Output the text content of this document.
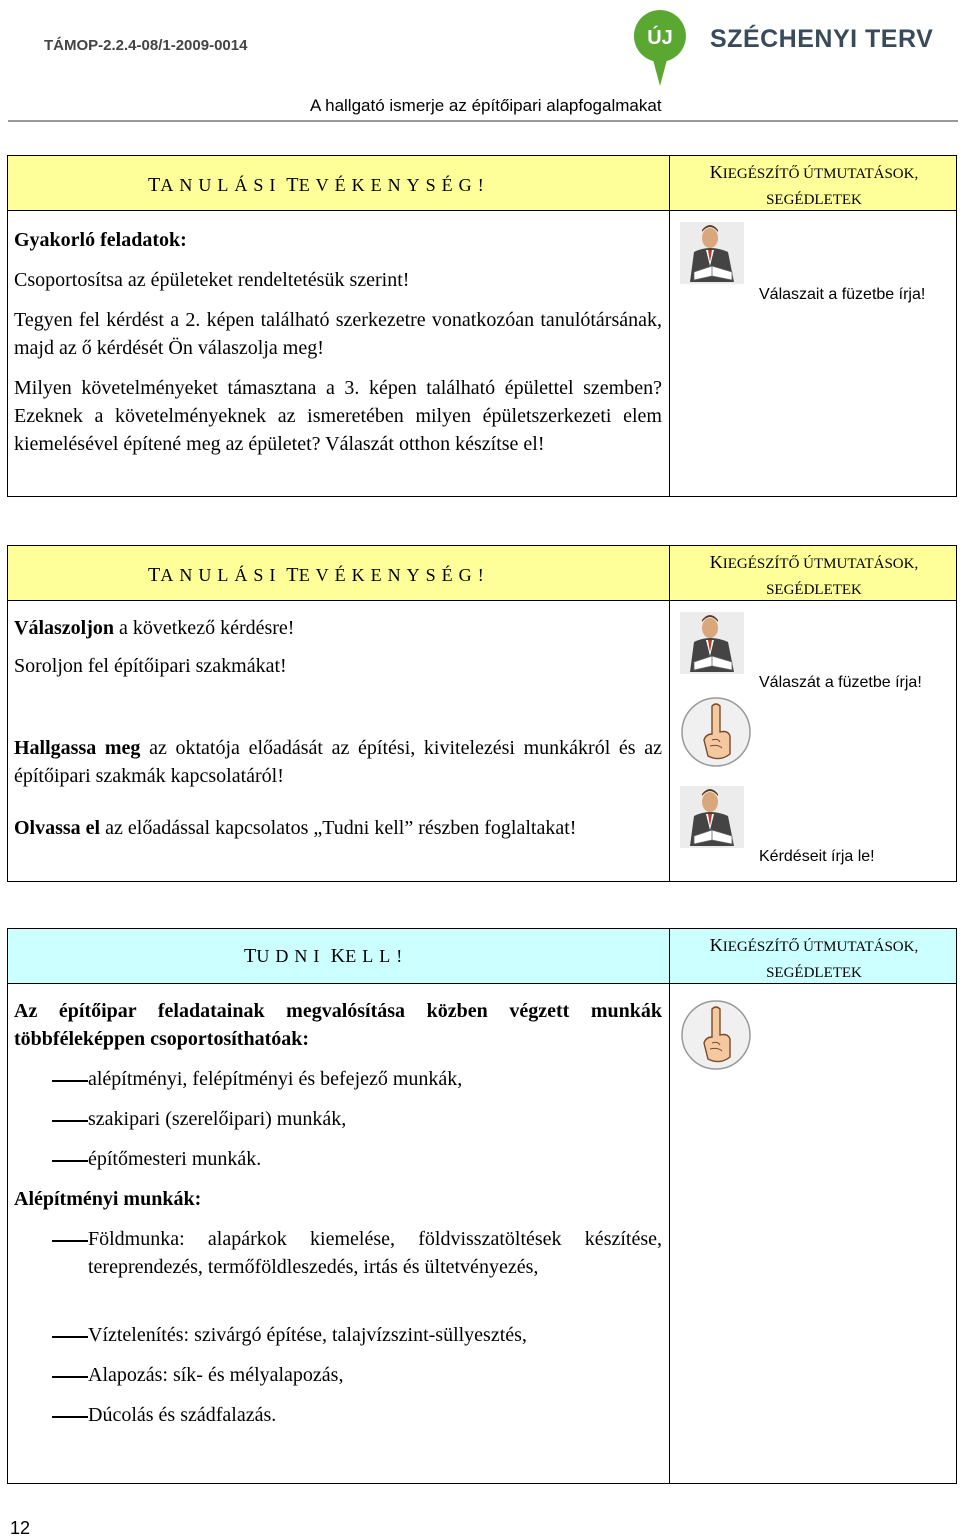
TÁMOP-2.2.4-08/1-2009-0014	ÚJ SZÉCHENYI TERV
A hallgató ismerje az építőipari alapfogalmakat
TANULÁSI TEVÉKENYSÉG!
KIEGÉSZÍTŐ ÚTMUTATÁSOK,
SEGÉDLETEK
Gyakorló feladatok:
Csoportosítsa az épületeket rendeltetésük szerint!
Tegyen fel kérdést a 2. képen található szerkezetre vonatkozóan tanulótársának, majd az ő kérdését Ön válaszolja meg!
Milyen követelményeket támasztana a 3. képen található épülettel szemben? Ezeknek a követelményeknek az ismeretében milyen épületszerkezeti elem kiemelésével építené meg az épületet? Válaszát otthon készítse el!
Válaszait a füzetbe írja!
TANULÁSI TEVÉKENYSÉG!
KIEGÉSZÍTŐ ÚTMUTATÁSOK,
SEGÉDLETEK
Válaszoljon a következő kérdésre!
Soroljon fel építőipari szakmákat!
Hallgassa meg az oktatója előadását az építési, kivitelezési munkákról és az építőipari szakmák kapcsolatáról!
Olvassa el az előadással kapcsolatos „Tudni kell” részben foglaltakat!
Válaszát a füzetbe írja!
Kérdéseit írja le!
TUDNI KELL!
KIEGÉSZÍTŐ ÚTMUTATÁSOK,
SEGÉDLETEK
Az építőipar feladatainak megvalósítása közben végzett munkák többféleképpen csoportosíthatóak:
alépítményi, felépítményi és befejező munkák,
szakipari (szerelőipari) munkák,
építőmesteri munkák.
Alépítményi munkák:
Földmunka: alapárkok kiemelése, földvisszatöltések készítése, tereprendezés, termőföldleszedés, irtás és ültetvényezés,
Víztelenítés: szivárgó építése, talajvízszint-süllyesztés,
Alapozás: sík- és mélyalapozás,
Dúcolás és szádfalazás.
12
